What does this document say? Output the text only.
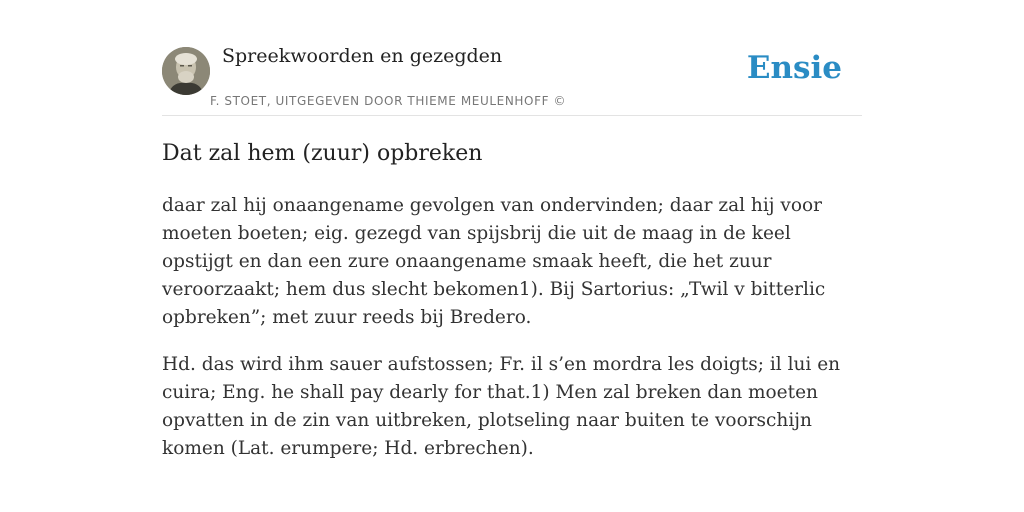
Spreekwoorden en gezegden
F. STOET, UITGEGEVEN DOOR THIEME MEULENHOFF ©
Ensie
Dat zal hem (zuur) opbreken

daar zal hij onaangename gevolgen van ondervinden; daar zal hij voor moeten boeten; eig. gezegd van spijsbrij die uit de maag in de keel opstijgt en dan een zure onaangename smaak heeft, die het zuur veroorzaakt; hem dus slecht bekomen1). Bij Sartorius: „Twil v bitterlic opbreken”; met zuur reeds bij Bredero.

Hd. das wird ihm sauer aufstossen; Fr. il s’en mordra les doigts; il lui en cuira; Eng. he shall pay dearly for that.1) Men zal breken dan moeten opvatten in de zin van uitbreken, plotseling naar buiten te voorschijn komen (Lat. erumpere; Hd. erbrechen).
